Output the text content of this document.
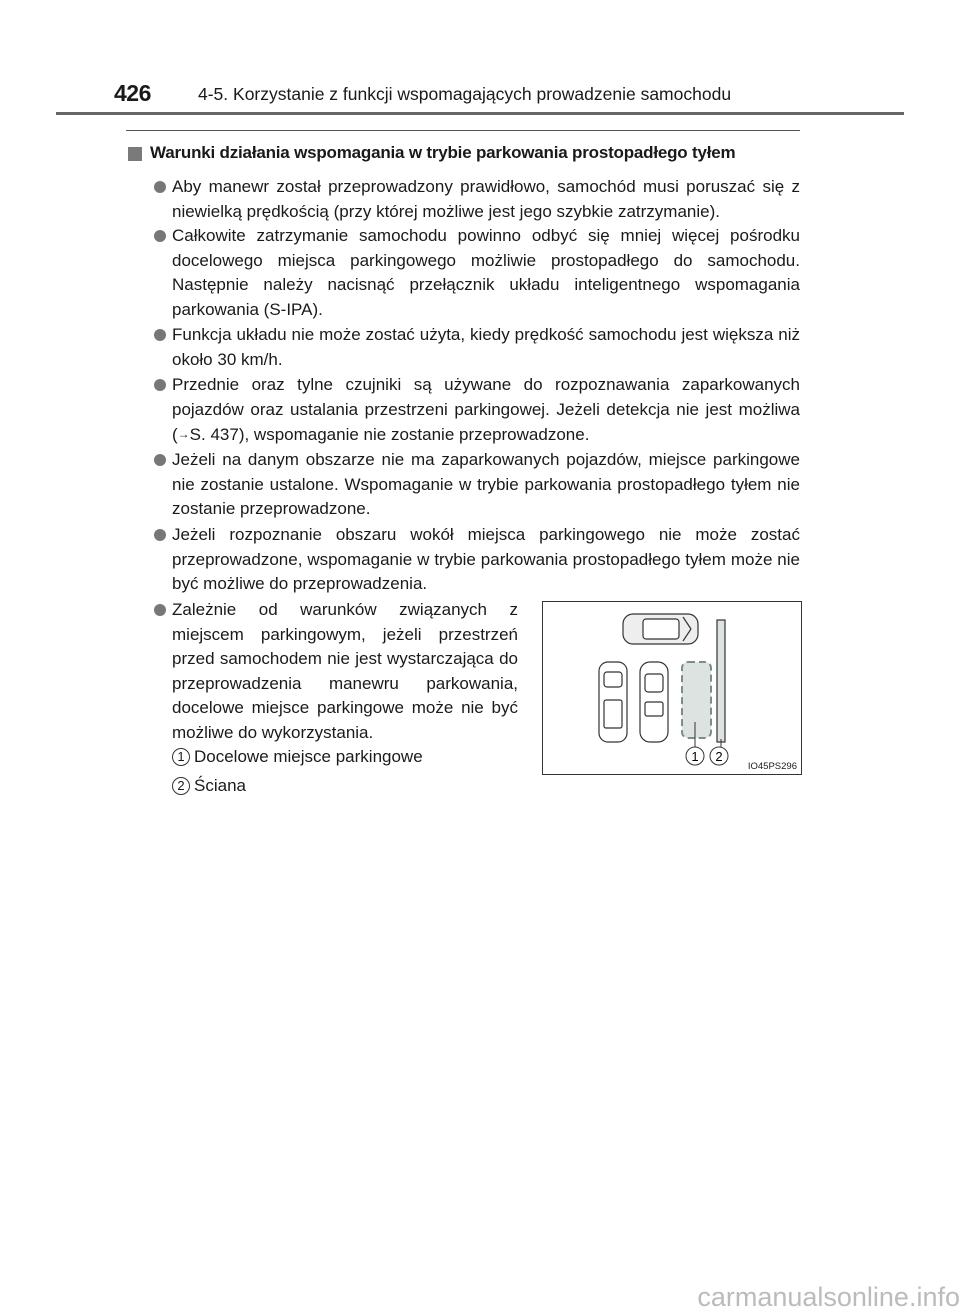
426	4-5. Korzystanie z funkcji wspomagających prowadzenie samochodu
Warunki działania wspomagania w trybie parkowania prostopadłego tyłem
Aby manewr został przeprowadzony prawidłowo, samochód musi poruszać się z niewielką prędkością (przy której możliwe jest jego szybkie zatrzymanie).
Całkowite zatrzymanie samochodu powinno odbyć się mniej więcej pośrodku docelowego miejsca parkingowego możliwie prostopadłego do samochodu. Następnie należy nacisnąć przełącznik układu inteligentnego wspomagania parkowania (S-IPA).
Funkcja układu nie może zostać użyta, kiedy prędkość samochodu jest większa niż około 30 km/h.
Przednie oraz tylne czujniki są używane do rozpoznawania zaparkowanych pojazdów oraz ustalania przestrzeni parkingowej. Jeżeli detekcja nie jest możliwa (→S. 437), wspomaganie nie zostanie przeprowadzone.
Jeżeli na danym obszarze nie ma zaparkowanych pojazdów, miejsce parkingowe nie zostanie ustalone. Wspomaganie w trybie parkowania prostopadłego tyłem nie zostanie przeprowadzone.
Jeżeli rozpoznanie obszaru wokół miejsca parkingowego nie może zostać przeprowadzone, wspomaganie w trybie parkowania prostopadłego tyłem może nie być możliwe do przeprowadzenia.
Zależnie od warunków związanych z miejscem parkingowym, jeżeli przestrzeń przed samochodem nie jest wystarczająca do przeprowadzenia manewru parkowania, docelowe miejsce parkingowe może nie być możliwe do wykorzystania.
1 Docelowe miejsce parkingowe
2 Ściana
1 2
IO45PS296
carmanualsonline.info
